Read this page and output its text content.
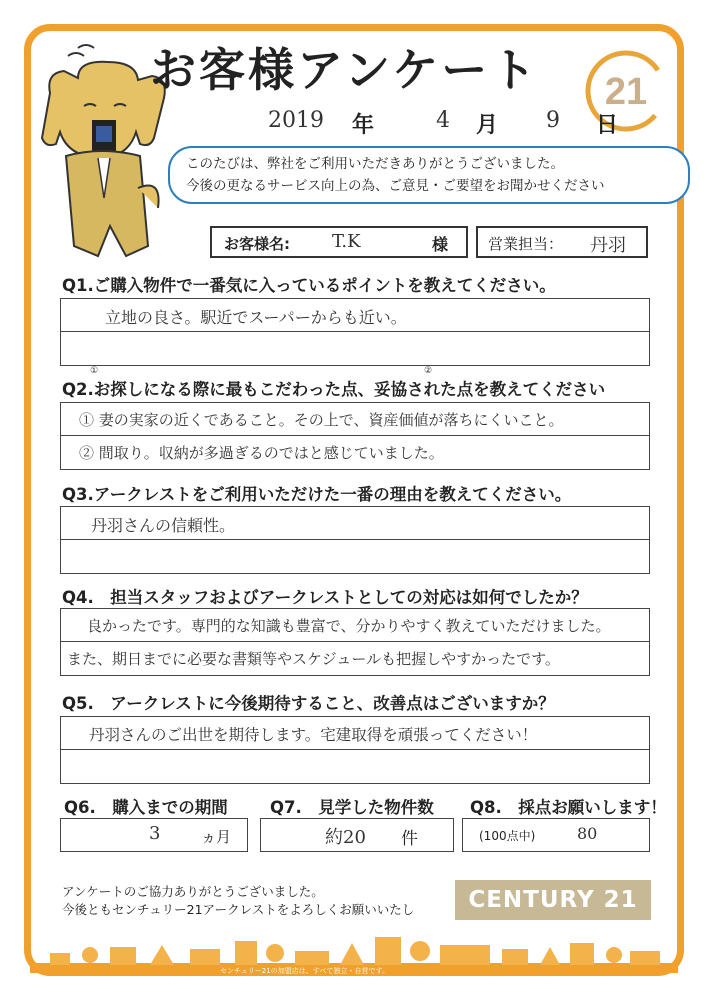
お客様アンケート 21
2019 年	4 月 9 日
このたびは、弊社をご利用いただきありがとうございました。
今後の更なるサービス向上の為、ご意見・ご要望をお聞かせください
お客様名: T.K	様	営業担当： 丹羽
Q1.ご購入物件で一番気に入っているポイントを教えてください。
立地の良さ。駅近でスーパーからも近い。
①	②
Q2.お探しになる際に最もこだわった点、妥協された点を教えてください
① 妻の実家の近くであること。その上で、資産価値が落ちにくいこと。
② 間取り。収納が多過ぎるのではと感じていました。
Q3.アークレストをご利用いただけた一番の理由を教えてください。
丹羽さんの信頼性。
Q4.　担当スタッフおよびアークレストとしての対応は如何でしたか？
良かったです。専門的な知識も豊富で、分かりやすく教えていただけました。
また、期日までに必要な書類等やスケジュールも把握しやすかったです。
Q5.　アークレストに今後期待すること、改善点はございますか？
丹羽さんのご出世を期待します。宅建取得を頑張ってください！
Q6.　購入までの期間	Q7.　見学した物件数 Q8.　採点お願いします！
3	ヵ月	約20 件	(100点中)	80
アンケートのご協力ありがとうございました。
今後ともセンチュリー21アークレストをよろしくお願いいたし	CENTURY 21
センチュリー21の加盟店は、すべて独立・自営です。
